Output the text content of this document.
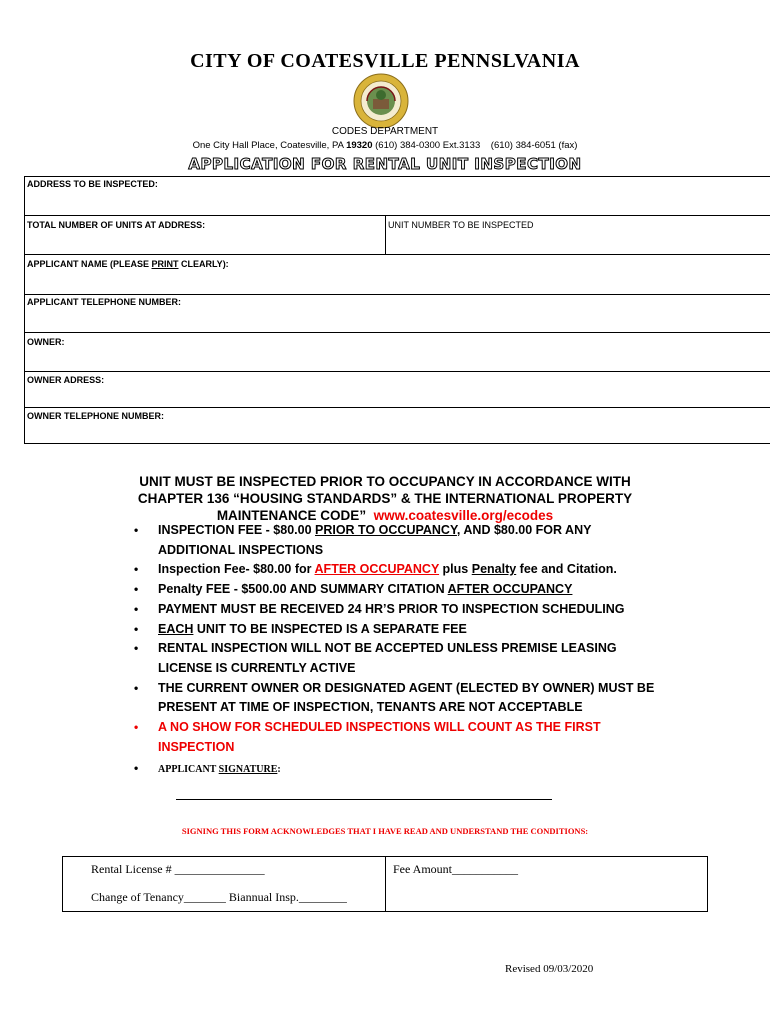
CITY OF COATESVILLE PENNSLVANIA
CODES DEPARTMENT
One City Hall Place, Coatesville, PA 19320 (610) 384-0300 Ext.3133 (610) 384-6051 (fax)
APPLICATION FOR RENTAL UNIT INSPECTION
ADDRESS TO BE INSPECTED:
TOTAL NUMBER OF UNITS AT ADDRESS:	UNIT NUMBER TO BE INSPECTED
APPLICANT NAME (PLEASE PRINT CLEARLY):
APPLICANT TELEPHONE NUMBER:
OWNER:
OWNER ADRESS:
OWNER TELEPHONE NUMBER:
UNIT MUST BE INSPECTED PRIOR TO OCCUPANCY IN ACCORDANCE WITH
CHAPTER 136 “HOUSING STANDARDS” & THE INTERNATIONAL PROPERTY
MAINTENANCE CODE” www.coatesville.org/ecodes
• INSPECTION FEE - $80.00 PRIOR TO OCCUPANCY, AND $80.00 FOR ANY ADDITIONAL INSPECTIONS
• Inspection Fee- $80.00 for AFTER OCCUPANCY plus Penalty fee and Citation.
• Penalty FEE - $500.00 AND SUMMARY CITATION AFTER OCCUPANCY
• PAYMENT MUST BE RECEIVED 24 HR’S PRIOR TO INSPECTION SCHEDULING
• EACH UNIT TO BE INSPECTED IS A SEPARATE FEE
• RENTAL INSPECTION WILL NOT BE ACCEPTED UNLESS PREMISE LEASING LICENSE IS CURRENTLY ACTIVE
• THE CURRENT OWNER OR DESIGNATED AGENT (ELECTED BY OWNER) MUST BE PRESENT AT TIME OF INSPECTION, TENANTS ARE NOT ACCEPTABLE
• A NO SHOW FOR SCHEDULED INSPECTIONS WILL COUNT AS THE FIRST INSPECTION
• APPLICANT SIGNATURE:
SIGNING THIS FORM ACKNOWLEDGES THAT I HAVE READ AND UNDERSTAND THE CONDITIONS:
Rental License # _______________
Change of Tenancy_______ Biannual Insp.________
Fee Amount___________
Revised 09/03/2020
